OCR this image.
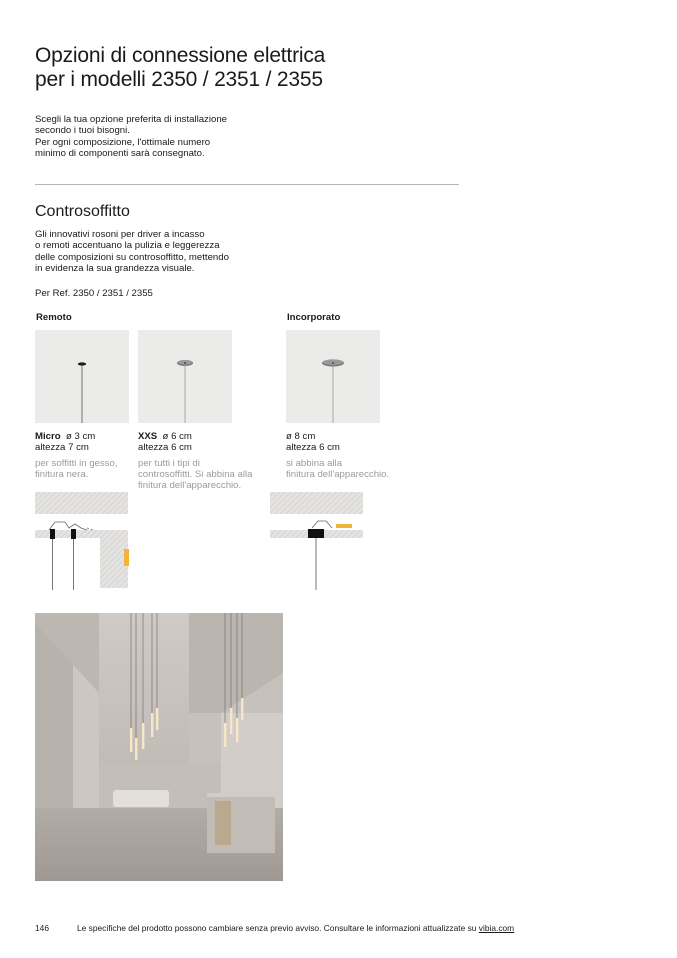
Opzioni di connessione elettrica
per i modelli 2350 / 2351 / 2355
Scegli la tua opzione preferita di installazione
secondo i tuoi bisogni.
Per ogni composizione, l'ottimale numero
minimo di componenti sarà consegnato.
Controsoffitto
Gli innovativi rosoni per driver a incasso
o remoti accentuano la pulizia e leggerezza
delle composizioni su controsoffitto, mettendo
in evidenza la sua grandezza visuale.
Per Ref. 2350 / 2351 / 2355
Remoto	Incorporato
Micro ø 3 cm
altezza 7 cm
per soffitti in gesso,
finitura nera.
XXS ø 6 cm
altezza 6 cm
per tutti i tipi di
controsoffitti. Si abbina alla
finitura dell'apparecchio.
ø 8 cm
altezza 6 cm
si abbina alla
finitura dell'apparecchio.
146	Le specifiche del prodotto possono cambiare senza previo avviso. Consultare le informazioni attualizzate su vibia.com
